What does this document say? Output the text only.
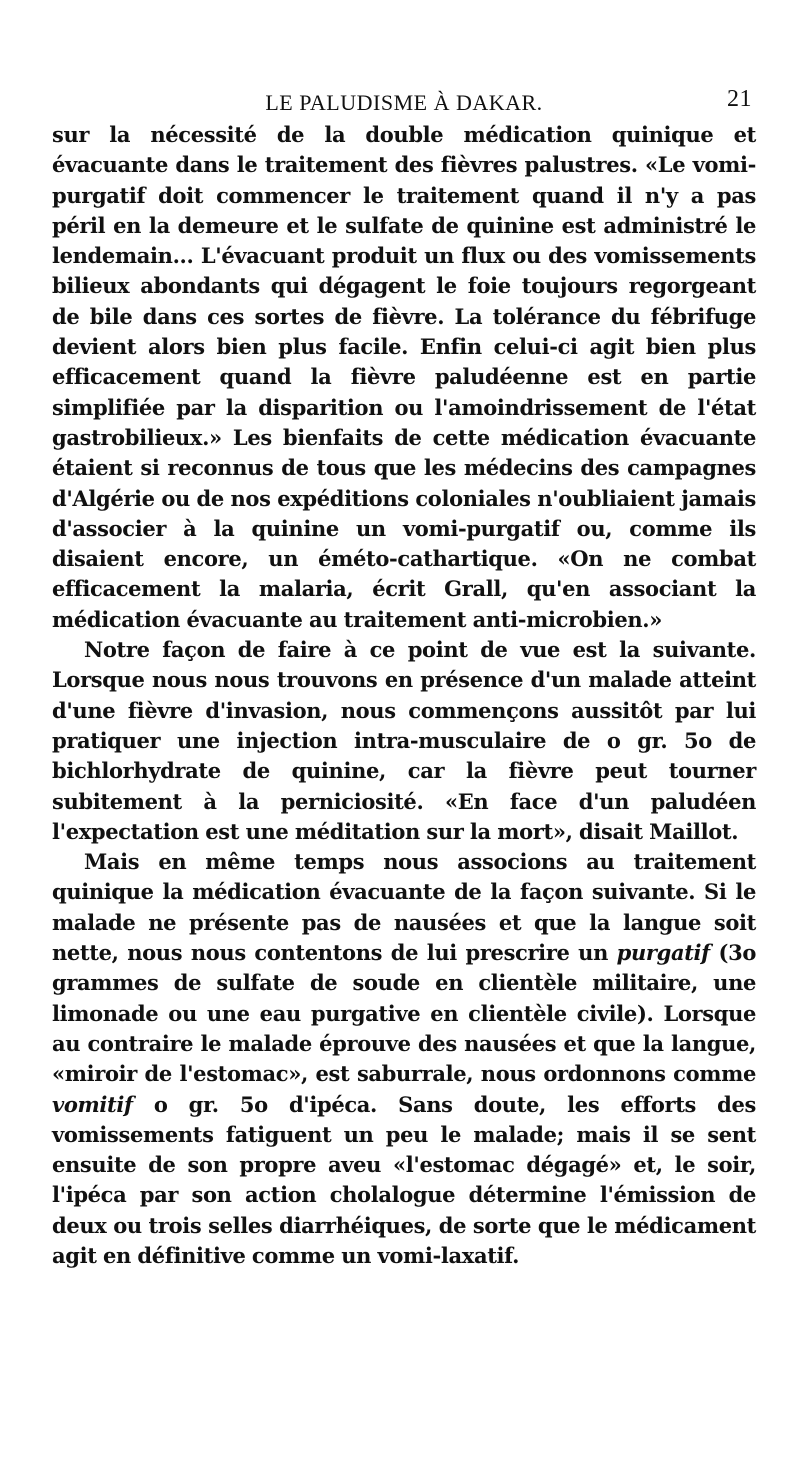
LE PALUDISME À DAKAR.	21

sur la nécessité de la double médication quinique et évacuante dans le traitement des fièvres palustres. «Le vomi-purgatif doit commencer le traitement quand il n'y a pas péril en la demeure et le sulfate de quinine est administré le lendemain... L'évacuant produit un flux ou des vomissements bilieux abondants qui dégagent le foie toujours regorgeant de bile dans ces sortes de fièvre. La tolérance du fébrifuge devient alors bien plus facile. Enfin celui-ci agit bien plus efficacement quand la fièvre paludéenne est en partie simplifiée par la disparition ou l'amoindrissement de l'état gastrobilieux.» Les bienfaits de cette médication évacuante étaient si reconnus de tous que les médecins des campagnes d'Algérie ou de nos expéditions coloniales n'oubliaient jamais d'associer à la quinine un vomi-purgatif ou, comme ils disaient encore, un éméto-cathartique. «On ne combat efficacement la malaria, écrit Grall, qu'en associant la médication évacuante au traitement anti-microbien.»

Notre façon de faire à ce point de vue est la suivante. Lorsque nous nous trouvons en présence d'un malade atteint d'une fièvre d'invasion, nous commençons aussitôt par lui pratiquer une injection intra-musculaire de o gr. 5o de bichlorhydrate de quinine, car la fièvre peut tourner subitement à la perniciosité. «En face d'un paludéen l'expectation est une méditation sur la mort», disait Maillot.

Mais en même temps nous associons au traitement quinique la médication évacuante de la façon suivante. Si le malade ne présente pas de nausées et que la langue soit nette, nous nous contentons de lui prescrire un purgatif (3o grammes de sulfate de soude en clientèle militaire, une limonade ou une eau purgative en clientèle civile). Lorsque au contraire le malade éprouve des nausées et que la langue, «miroir de l'estomac», est saburrale, nous ordonnons comme vomitif o gr. 5o d'ipéca. Sans doute, les efforts des vomissements fatiguent un peu le malade; mais il se sent ensuite de son propre aveu «l'estomac dégagé» et, le soir, l'ipéca par son action cholalogue détermine l'émission de deux ou trois selles diarrhéiques, de sorte que le médicament agit en définitive comme un vomi-laxatif.
